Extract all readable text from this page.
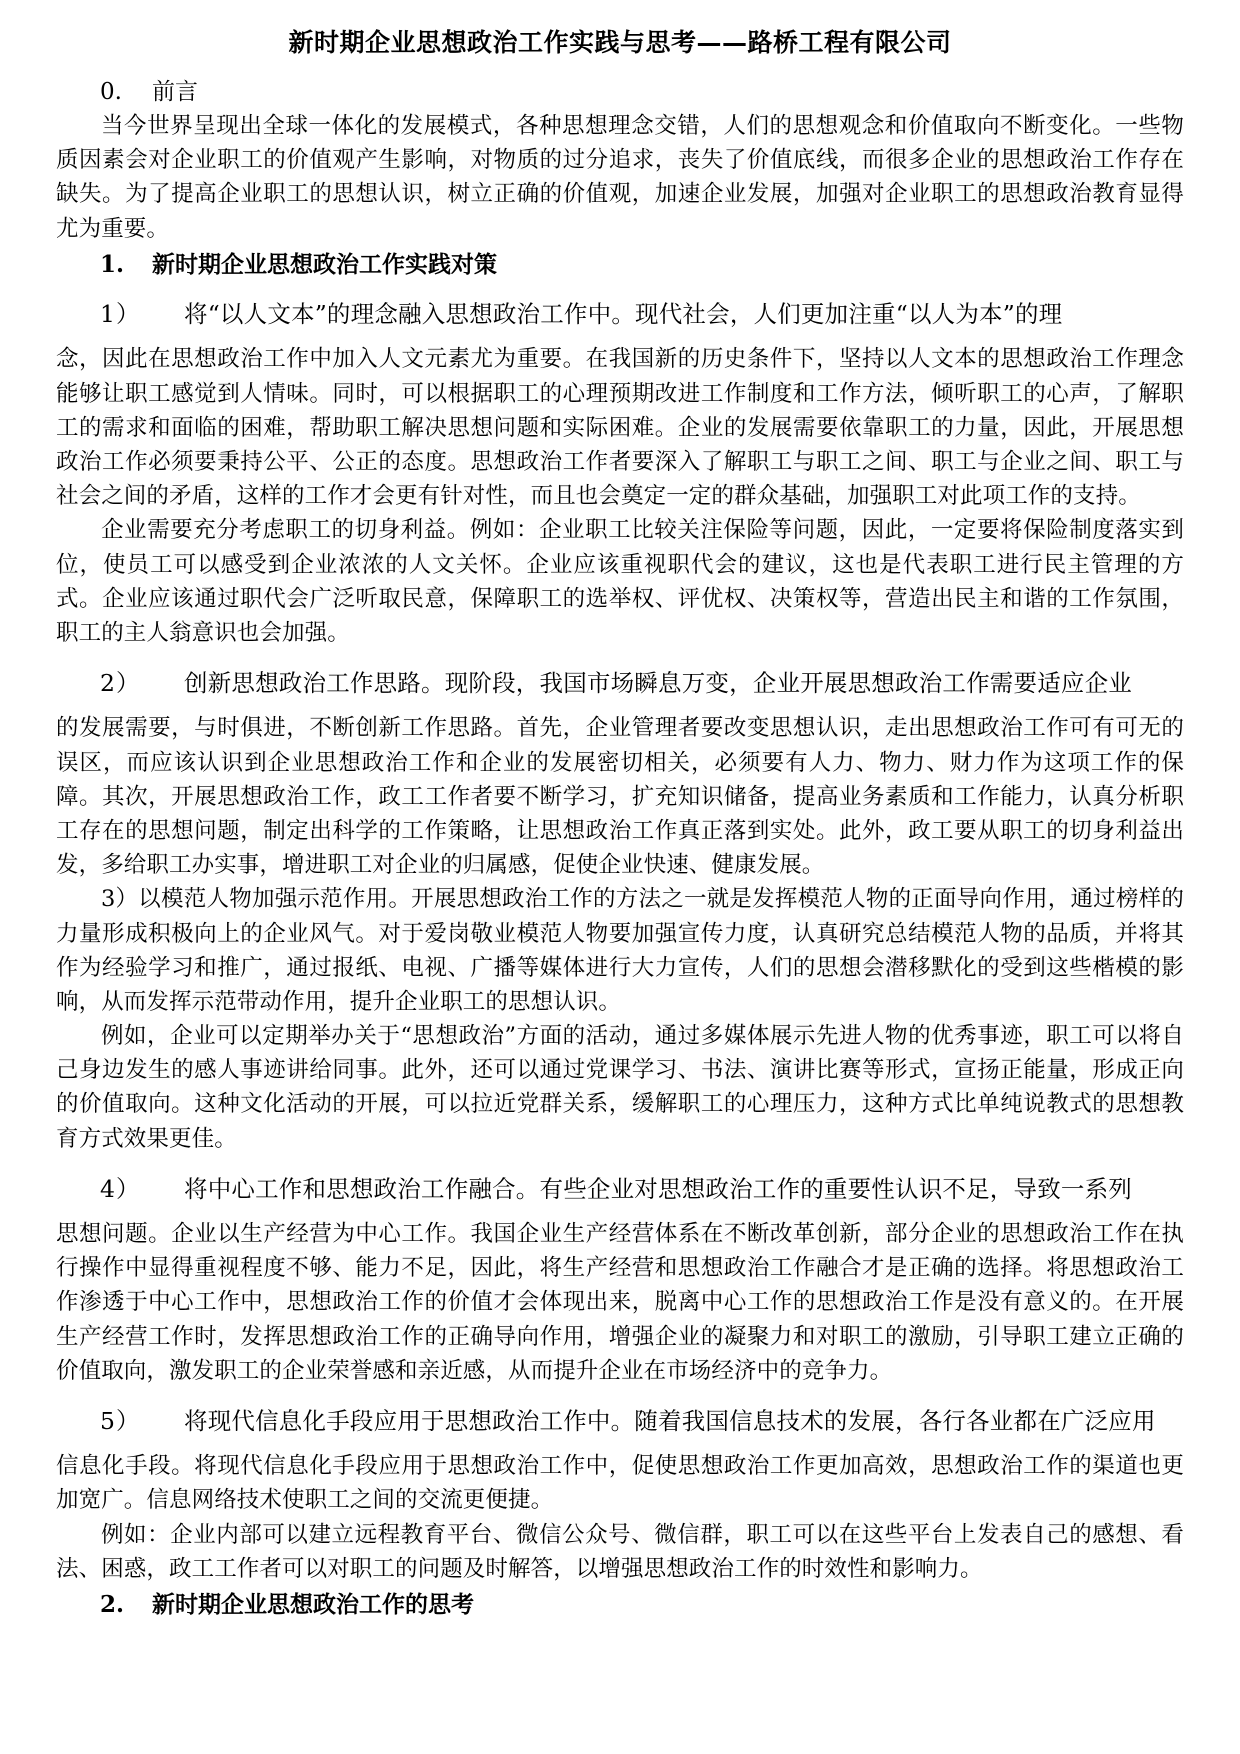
新时期企业思想政治工作实践与思考——路桥工程有限公司
0. 前言

当今世界呈现出全球一体化的发展模式，各种思想理念交错，人们的思想观念和价值取向不断变化。一些物质因素会对企业职工的价值观产生影响，对物质的过分追求，丧失了价值底线，而很多企业的思想政治工作存在缺失。为了提高企业职工的思想认识，树立正确的价值观，加速企业发展，加强对企业职工的思想政治教育显得尤为重要。

1. 新时期企业思想政治工作实践对策

1） 将“以人文本”的理念融入思想政治工作中。现代社会，人们更加注重“以人为本”的理

念，因此在思想政治工作中加入人文元素尤为重要。在我国新的历史条件下，坚持以人文本的思想政治工作理念能够让职工感觉到人情味。同时，可以根据职工的心理预期改进工作制度和工作方法，倾听职工的心声，了解职工的需求和面临的困难，帮助职工解决思想问题和实际困难。企业的发展需要依靠职工的力量，因此，开展思想政治工作必须要秉持公平、公正的态度。思想政治工作者要深入了解职工与职工之间、职工与企业之间、职工与社会之间的矛盾，这样的工作才会更有针对性，而且也会奠定一定的群众基础，加强职工对此项工作的支持。

企业需要充分考虑职工的切身利益。例如：企业职工比较关注保险等问题，因此，一定要将保险制度落实到位，使员工可以感受到企业浓浓的人文关怀。企业应该重视职代会的建议，这也是代表职工进行民主管理的方式。企业应该通过职代会广泛听取民意，保障职工的选举权、评优权、决策权等，营造出民主和谐的工作氛围，职工的主人翁意识也会加强。

2） 创新思想政治工作思路。现阶段，我国市场瞬息万变，企业开展思想政治工作需要适应企业

的发展需要，与时俱进，不断创新工作思路。首先，企业管理者要改变思想认识，走出思想政治工作可有可无的误区，而应该认识到企业思想政治工作和企业的发展密切相关，必须要有人力、物力、财力作为这项工作的保障。其次，开展思想政治工作，政工工作者要不断学习，扩充知识储备，提高业务素质和工作能力，认真分析职工存在的思想问题，制定出科学的工作策略，让思想政治工作真正落到实处。此外，政工要从职工的切身利益出发，多给职工办实事，增进职工对企业的归属感，促使企业快速、健康发展。

3）以模范人物加强示范作用。开展思想政治工作的方法之一就是发挥模范人物的正面导向作用，通过榜样的力量形成积极向上的企业风气。对于爱岗敬业模范人物要加强宣传力度，认真研究总结模范人物的品质，并将其作为经验学习和推广，通过报纸、电视、广播等媒体进行大力宣传，人们的思想会潜移默化的受到这些楷模的影响，从而发挥示范带动作用，提升企业职工的思想认识。

例如，企业可以定期举办关于“思想政治”方面的活动，通过多媒体展示先进人物的优秀事迹，职工可以将自己身边发生的感人事迹讲给同事。此外，还可以通过党课学习、书法、演讲比赛等形式，宣扬正能量，形成正向的价值取向。这种文化活动的开展，可以拉近党群关系，缓解职工的心理压力，这种方式比单纯说教式的思想教育方式效果更佳。

4） 将中心工作和思想政治工作融合。有些企业对思想政治工作的重要性认识不足，导致一系列

思想问题。企业以生产经营为中心工作。我国企业生产经营体系在不断改革创新，部分企业的思想政治工作在执行操作中显得重视程度不够、能力不足，因此，将生产经营和思想政治工作融合才是正确的选择。将思想政治工作渗透于中心工作中，思想政治工作的价值才会体现出来，脱离中心工作的思想政治工作是没有意义的。在开展生产经营工作时，发挥思想政治工作的正确导向作用，增强企业的凝聚力和对职工的激励，引导职工建立正确的价值取向，激发职工的企业荣誉感和亲近感，从而提升企业在市场经济中的竞争力。

5） 将现代信息化手段应用于思想政治工作中。随着我国信息技术的发展，各行各业都在广泛应用

信息化手段。将现代信息化手段应用于思想政治工作中，促使思想政治工作更加高效，思想政治工作的渠道也更加宽广。信息网络技术使职工之间的交流更便捷。

例如：企业内部可以建立远程教育平台、微信公众号、微信群，职工可以在这些平台上发表自己的感想、看法、困惑，政工工作者可以对职工的问题及时解答，以增强思想政治工作的时效性和影响力。

2. 新时期企业思想政治工作的思考
